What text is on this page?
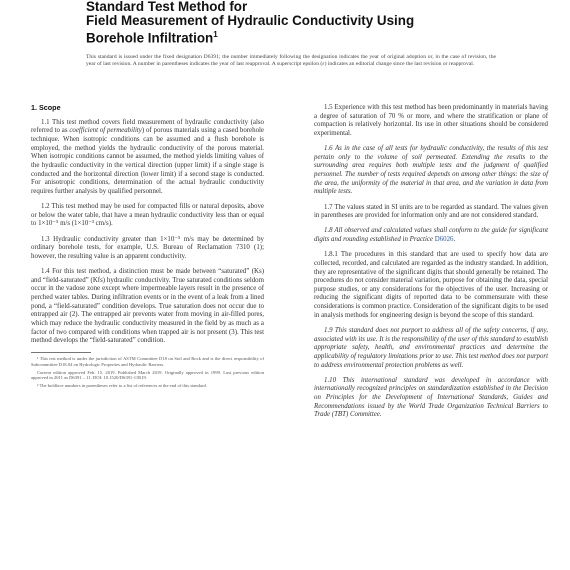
Standard Test Method for
Field Measurement of Hydraulic Conductivity Using
Borehole Infiltration$^1$
This standard is issued under the fixed designation D6391; the number immediately following the designation indicates the year of original adoption or, in the case of revision, the year of last revision. A number in parentheses indicates the year of last reapproval. A superscript epsilon (ε) indicates an editorial change since the last revision or reapproval.
1. Scope

1.1 This test method covers field measurement of hydraulic conductivity (also referred to as coefficient of permeability) of porous materials using a cased borehole technique. When isotropic conditions can be assumed and a flush borehole is employed, the method yields the hydraulic conductivity of the porous material. When isotropic conditions cannot be assumed, the method yields limiting values of the hydraulic conductivity in the vertical direction (upper limit) if a single stage is conducted and the horizontal direction (lower limit) if a second stage is conducted. For anisotropic conditions, determination of the actual hydraulic conductivity requires further analysis by qualified personnel.

1.2 This test method may be used for compacted fills or natural deposits, above or below the water table, that have a mean hydraulic conductivity less than or equal to 1×10⁻⁵ m/s (1×10⁻³ cm/s).

1.3 Hydraulic conductivity greater than 1×10⁻⁵ m/s may be determined by ordinary borehole tests, for example, U.S. Bureau of Reclamation 7310 (1); however, the resulting value is an apparent conductivity.

1.4 For this test method, a distinction must be made between “saturated” (Ks) and “field-saturated” (Kfs) hydraulic conductivity. True saturated conditions seldom occur in the vadose zone except where impermeable layers result in the presence of perched water tables. During infiltration events or in the event of a leak from a lined pond, a “field-saturated” condition develops. True saturation does not occur due to entrapped air (2). The entrapped air prevents water from moving in air-filled pores, which may reduce the hydraulic conductivity measured in the field by as much as a factor of two compared with conditions when trapped air is not present (3). This test method develops the “field-saturated” condition.

¹ This test method is under the jurisdiction of ASTM Committee D18 on Soil and Rock and is the direct responsibility of Subcommittee D18.04 on Hydrologic Properties and Hydraulic Barriers.

Current edition approved Feb. 15, 2019. Published March 2019. Originally approved in 1999. Last previous edition approved in 2011 as D6391 – 11. DOI: 10.1520/D6391-11R19.

² The boldface numbers in parentheses refer to a list of references at the end of this standard.

1.5 Experience with this test method has been predominantly in materials having a degree of saturation of 70 % or more, and where the stratification or plane of compaction is relatively horizontal. Its use in other situations should be considered experimental.

1.6 As in the case of all tests for hydraulic conductivity, the results of this test pertain only to the volume of soil permeated. Extending the results to the surrounding area requires both multiple tests and the judgment of qualified personnel. The number of tests required depends on among other things: the size of the area, the uniformity of the material in that area, and the variation in data from multiple tests.

1.7 The values stated in SI units are to be regarded as standard. The values given in parentheses are provided for information only and are not considered standard.

1.8 All observed and calculated values shall conform to the guide for significant digits and rounding established in Practice D6026.

1.8.1 The procedures in this standard that are used to specify how data are collected, recorded, and calculated are regarded as the industry standard. In addition, they are representative of the significant digits that should generally be retained. The procedures do not consider material variation, purpose for obtaining the data, special purpose studies, or any considerations for the objectives of the user. Increasing or reducing the significant digits of reported data to be commensurate with these considerations is common practice. Consideration of the significant digits to be used in analysis methods for engineering design is beyond the scope of this standard.

1.9 This standard does not purport to address all of the safety concerns, if any, associated with its use. It is the responsibility of the user of this standard to establish appropriate safety, health, and environmental practices and determine the applicability of regulatory limitations prior to use. This test method does not purport to address environmental protection problems as well.

1.10 This international standard was developed in accordance with internationally recognized principles on standardization established in the Decision on Principles for the Development of International Standards, Guides and Recommendations issued by the World Trade Organization Technical Barriers to Trade (TBT) Committee.
